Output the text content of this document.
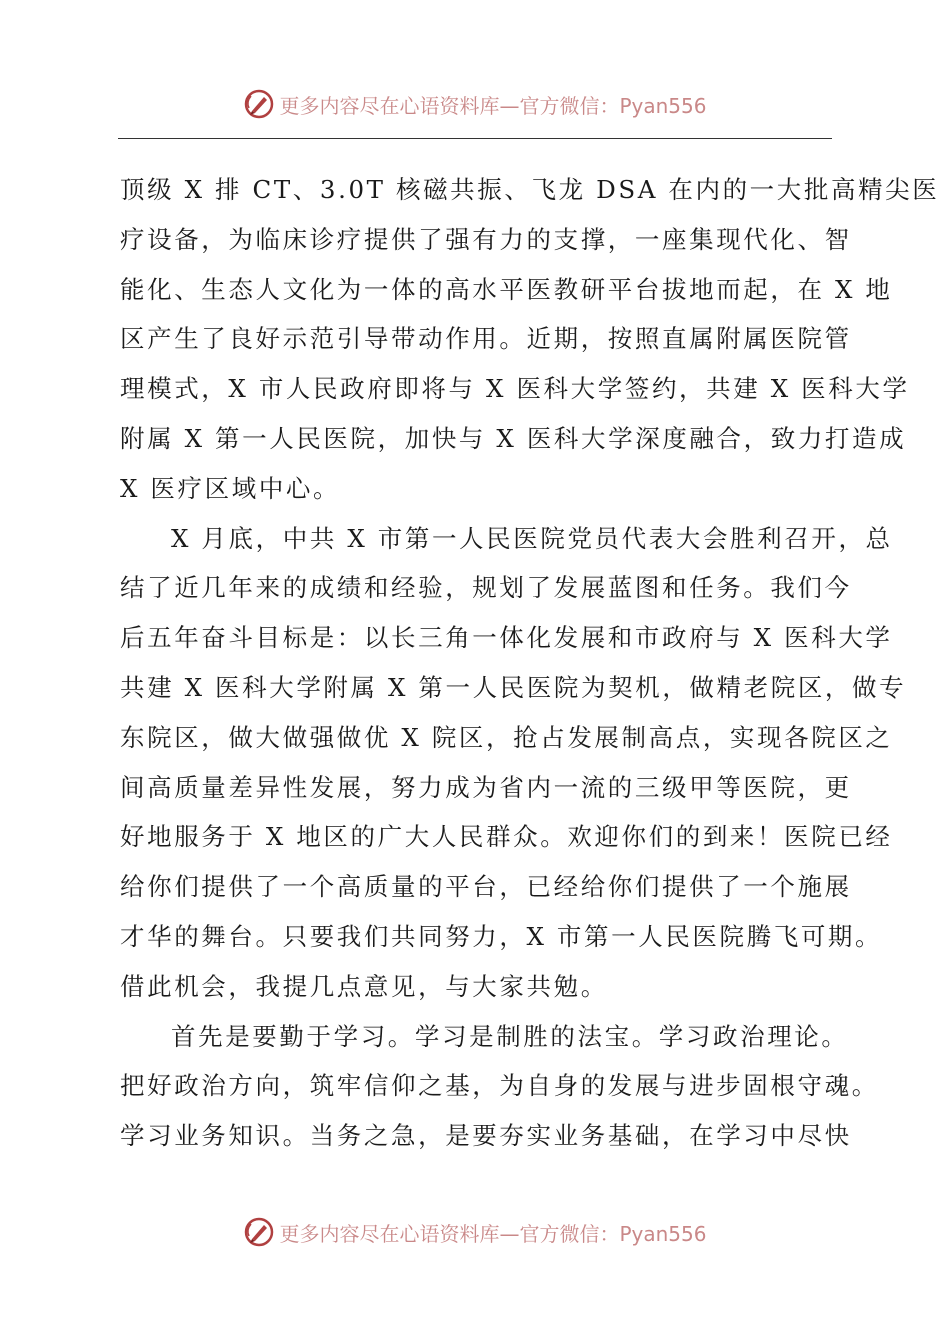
更多内容尽在心语资料库 —官方微信：Pyan556
顶级 X 排 CT、3.0T 核磁共振、飞龙 DSA 在内的一大批高精尖医
疗设备，为临床诊疗提供了强有力的支撑，一座集现代化、智
能化、生态人文化为一体的高水平医教研平台拔地而起，在 X 地
区产生了良好示范引导带动作用。近期，按照直属附属医院管
理模式，X 市人民政府即将与 X 医科大学签约，共建 X 医科大学
附属 X 第一人民医院，加快与 X 医科大学深度融合，致力打造成
X 医疗区域中心。
X 月底，中共 X 市第一人民医院党员代表大会胜利召开，总
结了近几年来的成绩和经验，规划了发展蓝图和任务。我们今
后五年奋斗目标是：以长三角一体化发展和市政府与 X 医科大学
共建 X 医科大学附属 X 第一人民医院为契机，做精老院区，做专
东院区，做大做强做优 X 院区，抢占发展制高点，实现各院区之
间高质量差异性发展，努力成为省内一流的三级甲等医院，更
好地服务于 X 地区的广大人民群众。欢迎你们的到来！医院已经
给你们提供了一个高质量的平台，已经给你们提供了一个施展
才华的舞台。只要我们共同努力，X 市第一人民医院腾飞可期。
借此机会，我提几点意见，与大家共勉。
首先是要勤于学习。学习是制胜的法宝。学习政治理论。
把好政治方向，筑牢信仰之基，为自身的发展与进步固根守魂。
学习业务知识。当务之急，是要夯实业务基础，在学习中尽快
更多内容尽在心语资料库 —官方微信：Pyan556
